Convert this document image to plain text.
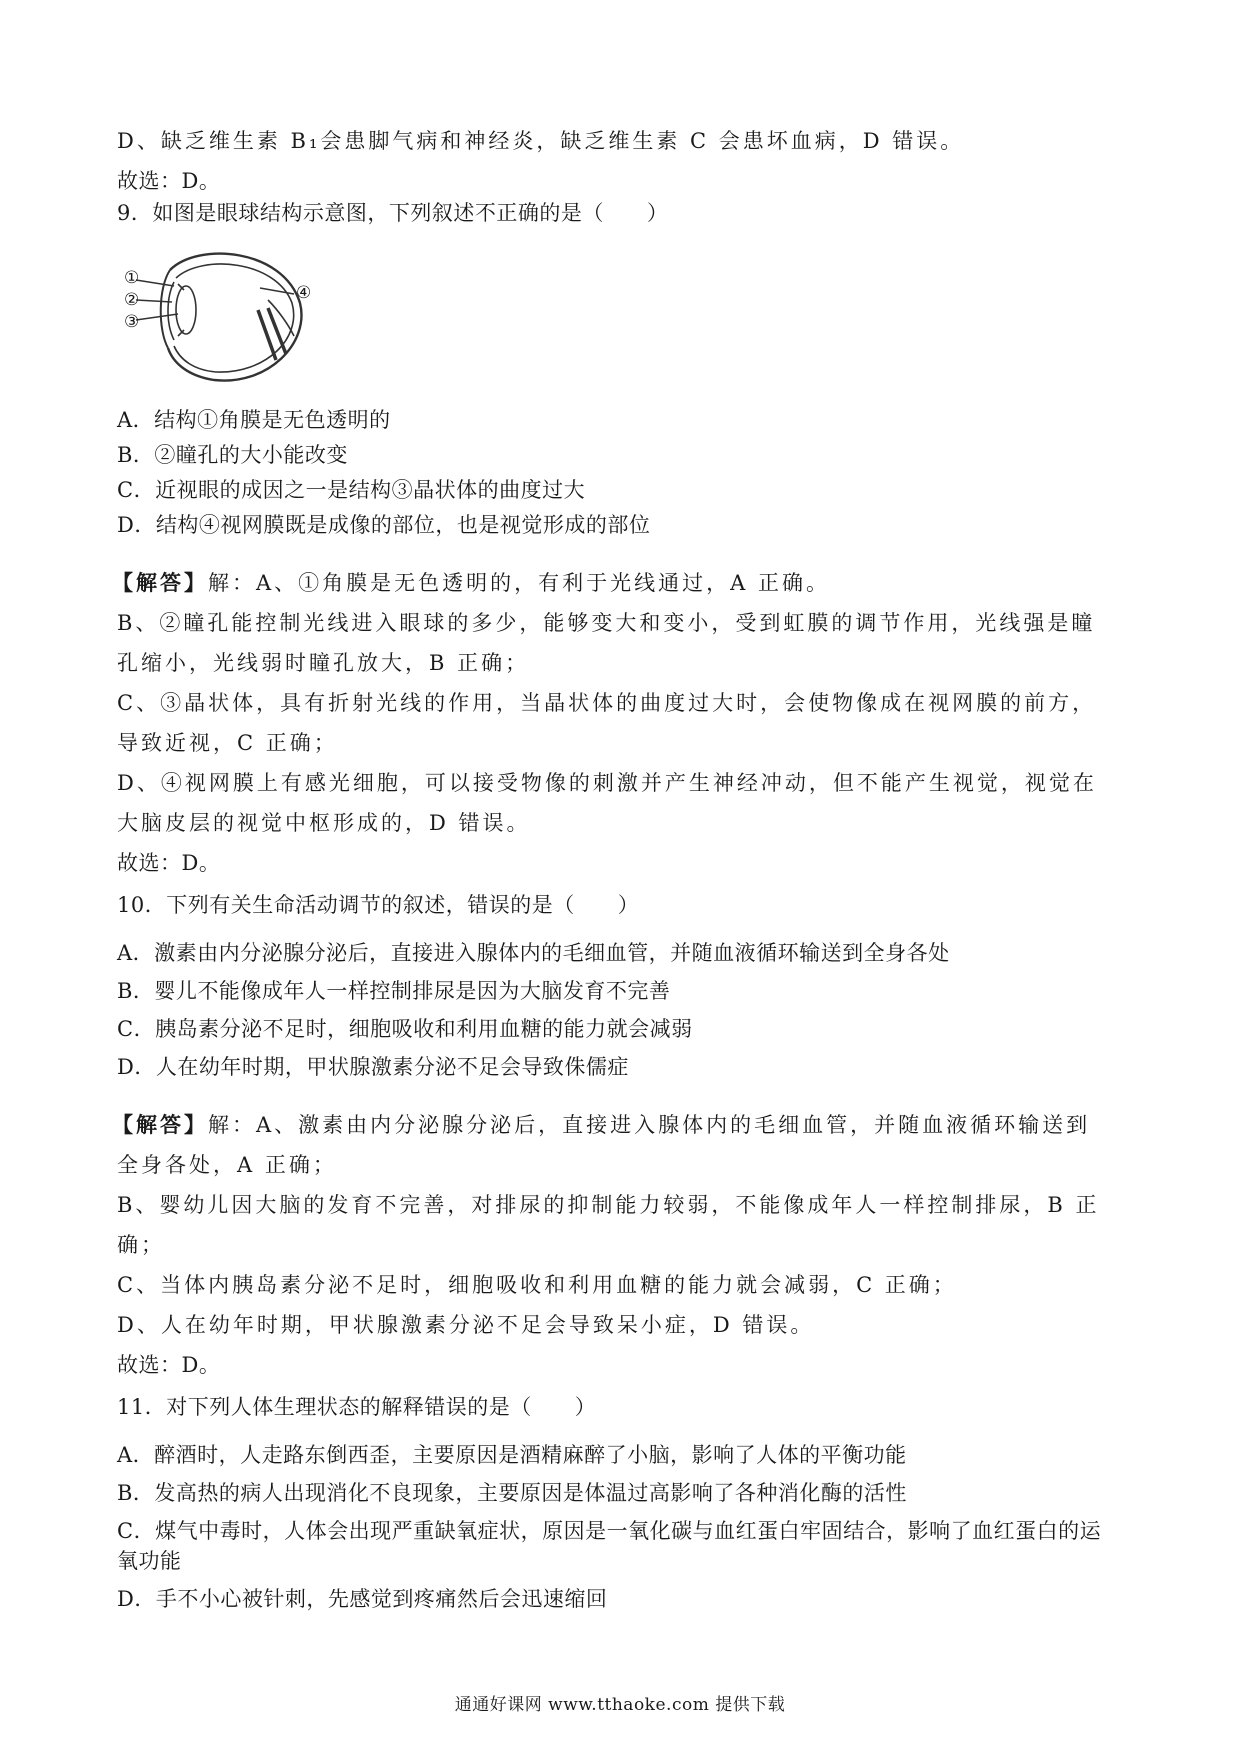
D、缺乏维生素 B₁会患脚气病和神经炎，缺乏维生素 C 会患坏血病，D 错误。
故选：D。
9．如图是眼球结构示意图，下列叙述不正确的是（　　）
①
②
③
④
A．结构①角膜是无色透明的
B．②瞳孔的大小能改变
C．近视眼的成因之一是结构③晶状体的曲度过大
D．结构④视网膜既是成像的部位，也是视觉形成的部位
【解答】解：A、①角膜是无色透明的，有利于光线通过，A 正确。
B、②瞳孔能控制光线进入眼球的多少，能够变大和变小，受到虹膜的调节作用，光线强是瞳
孔缩小，光线弱时瞳孔放大，B 正确；
C、③晶状体，具有折射光线的作用，当晶状体的曲度过大时，会使物像成在视网膜的前方，
导致近视，C 正确；
D、④视网膜上有感光细胞，可以接受物像的刺激并产生神经冲动，但不能产生视觉，视觉在
大脑皮层的视觉中枢形成的，D 错误。
故选：D。
10．下列有关生命活动调节的叙述，错误的是（　　）
A．激素由内分泌腺分泌后，直接进入腺体内的毛细血管，并随血液循环输送到全身各处
B．婴儿不能像成年人一样控制排尿是因为大脑发育不完善
C．胰岛素分泌不足时，细胞吸收和利用血糖的能力就会减弱
D．人在幼年时期，甲状腺激素分泌不足会导致侏儒症
【解答】解：A、激素由内分泌腺分泌后，直接进入腺体内的毛细血管，并随血液循环输送到
全身各处，A 正确；
B、婴幼儿因大脑的发育不完善，对排尿的抑制能力较弱，不能像成年人一样控制排尿，B 正
确；
C、当体内胰岛素分泌不足时，细胞吸收和利用血糖的能力就会减弱，C 正确；
D、人在幼年时期，甲状腺激素分泌不足会导致呆小症，D 错误。
故选：D。
11．对下列人体生理状态的解释错误的是（　　）
A．醉酒时，人走路东倒西歪，主要原因是酒精麻醉了小脑，影响了人体的平衡功能
B．发高热的病人出现消化不良现象，主要原因是体温过高影响了各种消化酶的活性
C．煤气中毒时，人体会出现严重缺氧症状，原因是一氧化碳与血红蛋白牢固结合，影响了血红蛋白的运
氧功能
D．手不小心被针刺，先感觉到疼痛然后会迅速缩回
通通好课网 www.tthaoke.com 提供下载
